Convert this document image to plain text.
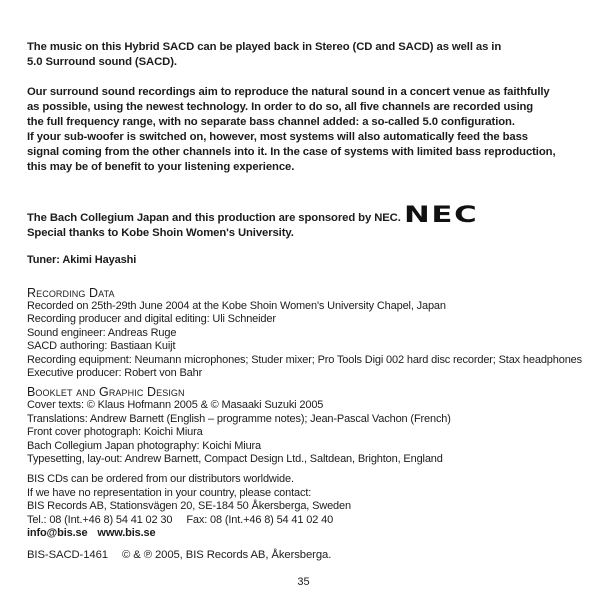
The music on this Hybrid SACD can be played back in Stereo (CD and SACD) as well as in
5.0 Surround sound (SACD).
Our surround sound recordings aim to reproduce the natural sound in a concert venue as faithfully
as possible, using the newest technology. In order to do so, all five channels are recorded using
the full frequency range, with no separate bass channel added: a so-called 5.0 configuration.
If your sub-woofer is switched on, however, most systems will also automatically feed the bass
signal coming from the other channels into it. In the case of systems with limited bass reproduction,
this may be of benefit to your listening experience.
The Bach Collegium Japan and this production are sponsored by NEC.
Special thanks to Kobe Shoin Women's University.
NEC
Tuner: Akimi Hayashi
Recording Data
Recorded on 25th-29th June 2004 at the Kobe Shoin Women's University Chapel, Japan
Recording producer and digital editing: Uli Schneider
Sound engineer: Andreas Ruge
SACD authoring: Bastiaan Kuijt
Recording equipment: Neumann microphones; Studer mixer; Pro Tools Digi 002 hard disc recorder; Stax headphones
Executive producer: Robert von Bahr
Booklet and Graphic Design
Cover texts: © Klaus Hofmann 2005 & © Masaaki Suzuki 2005
Translations: Andrew Barnett (English – programme notes); Jean-Pascal Vachon (French)
Front cover photograph: Koichi Miura
Bach Collegium Japan photography: Koichi Miura
Typesetting, lay-out: Andrew Barnett, Compact Design Ltd., Saltdean, Brighton, England
BIS CDs can be ordered from our distributors worldwide.
If we have no representation in your country, please contact:
BIS Records AB, Stationsvägen 20, SE-184 50 Åkersberga, Sweden
Tel.: 08 (Int.+46 8) 54 41 02 30 Fax: 08 (Int.+46 8) 54 41 02 40
info@bis.se www.bis.se
BIS-SACD-1461 © & ℗ 2005, BIS Records AB, Åkersberga.
35
